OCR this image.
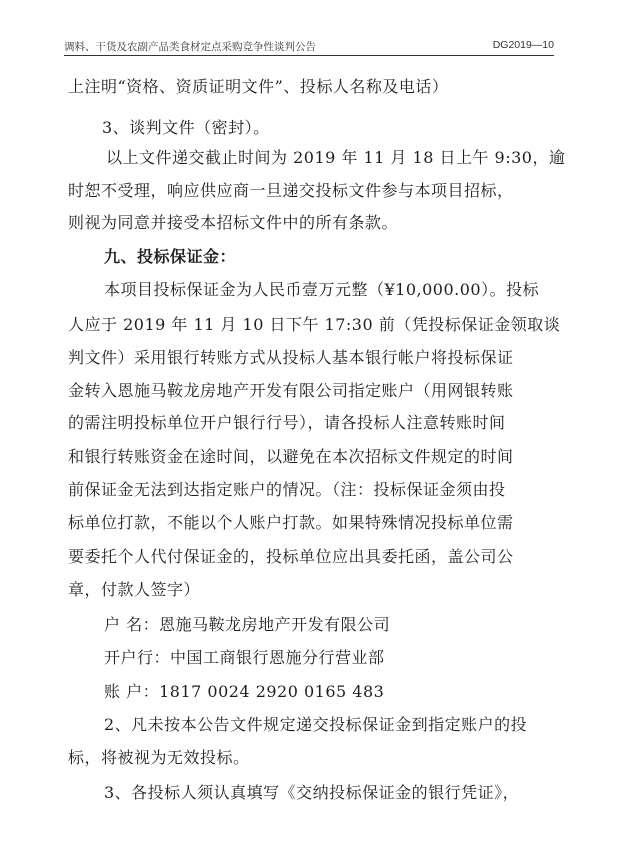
调料、干货及农副产品类食材定点采购竞争性谈判公告	DG2019—10
上注明“资格、资质证明文件”、投标人名称及电话）
3、谈判文件（密封）。
以上文件递交截止时间为 2019 年 11 月 18 日上午 9:30，逾
时恕不受理，响应供应商一旦递交投标文件参与本项目招标，
则视为同意并接受本招标文件中的所有条款。
九、投标保证金：
本项目投标保证金为人民币壹万元整（¥10,000.00）。投标
人应于 2019 年 11 月 10 日下午 17:30 前（凭投标保证金领取谈
判文件）采用银行转账方式从投标人基本银行帐户将投标保证
金转入恩施马鞍龙房地产开发有限公司指定账户（用网银转账
的需注明投标单位开户银行行号），请各投标人注意转账时间
和银行转账资金在途时间，以避免在本次招标文件规定的时间
前保证金无法到达指定账户的情况。（注：投标保证金须由投
标单位打款，不能以个人账户打款。如果特殊情况投标单位需
要委托个人代付保证金的，投标单位应出具委托函，盖公司公
章，付款人签字）
户 名：恩施马鞍龙房地产开发有限公司
开户行：中国工商银行恩施分行营业部
账 户：1817 0024 2920 0165 483
2、凡未按本公告文件规定递交投标保证金到指定账户的投
标，将被视为无效投标。
3、各投标人须认真填写《交纳投标保证金的银行凭证》，
